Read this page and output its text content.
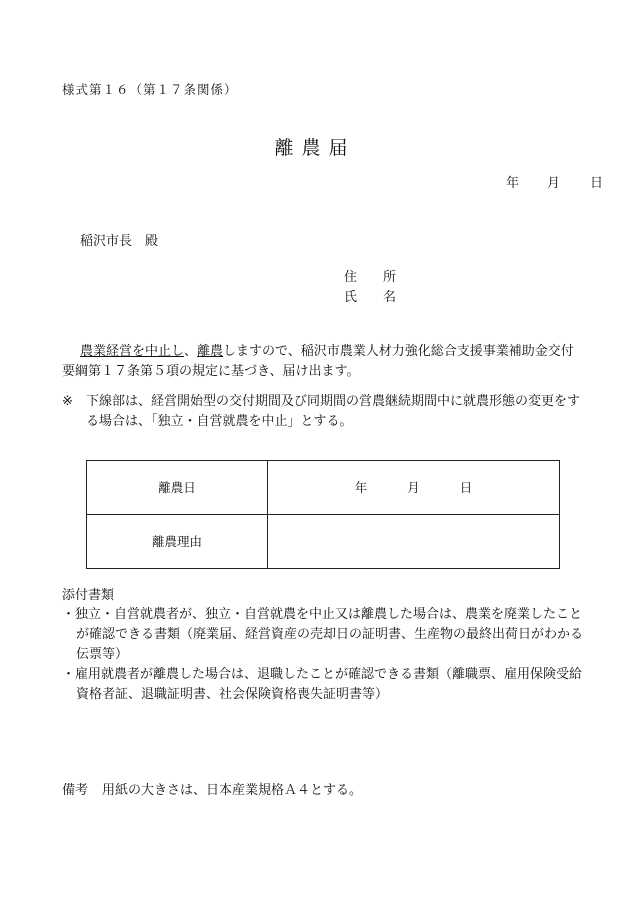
様式第１６（第１７条関係）
離農届
年 月 日
稲沢市長　殿
住　　所
氏　　名
農業経営を中止し、離農しますので、稲沢市農業人材力強化総合支援事業補助金交付要綱第１７条第５項の規定に基づき、届け出ます。
※	下線部は、経営開始型の交付期間及び同期間の営農継続期間中に就農形態の変更をする場合は、「独立・自営就農を中止」とする。
離農日	年 月 日
離農理由	
添付書類
・独立・自営就農者が、独立・自営就農を中止又は離農した場合は、農業を廃業したことが確認できる書類（廃業届、経営資産の売却日の証明書、生産物の最終出荷日がわかる伝票等）
・雇用就農者が離農した場合は、退職したことが確認できる書類（離職票、雇用保険受給資格者証、退職証明書、社会保険資格喪失証明書等）
備考 用紙の大きさは、日本産業規格Ａ４とする。
